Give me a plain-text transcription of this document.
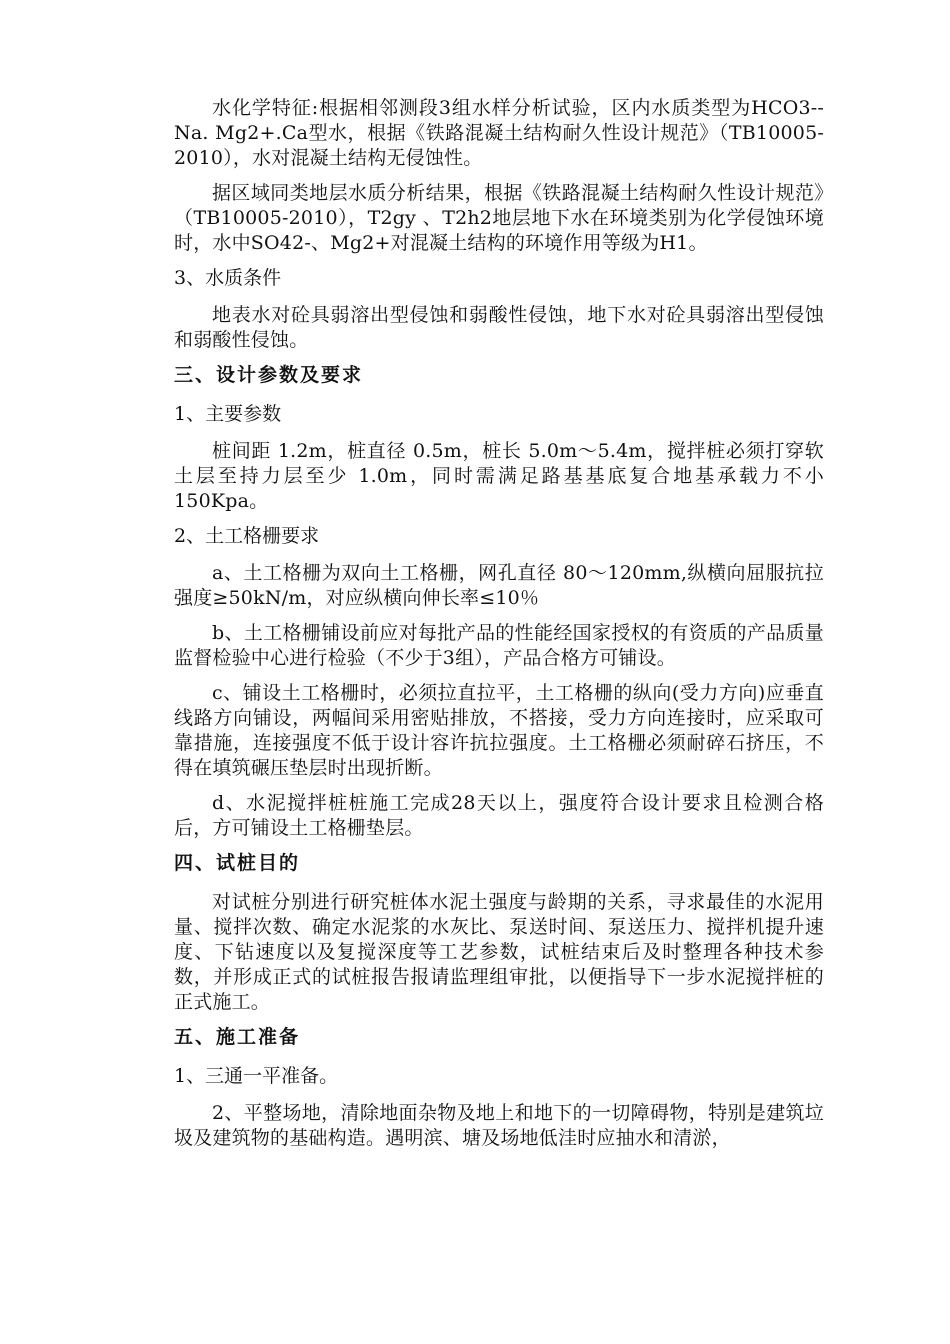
水化学特征:根据相邻测段3组水样分析试验，区内水质类型为HCO3--Na. Mg2+.Ca型水，根据《铁路混凝土结构耐久性设计规范》（TB10005-2010），水对混凝土结构无侵蚀性。

据区域同类地层水质分析结果，根据《铁路混凝土结构耐久性设计规范》（TB10005-2010），T2gy 、T2h2地层地下水在环境类别为化学侵蚀环境时，水中SO42-、Mg2+对混凝土结构的环境作用等级为H1。

3、水质条件

地表水对砼具弱溶出型侵蚀和弱酸性侵蚀，地下水对砼具弱溶出型侵蚀和弱酸性侵蚀。

三、设计参数及要求

1、主要参数

桩间距 1.2m，桩直径 0.5m，桩长 5.0m～5.4m，搅拌桩必须打穿软土层至持力层至少 1.0m，同时需满足路基基底复合地基承载力不小150Kpa。

2、土工格栅要求

a、土工格栅为双向土工格栅，网孔直径 80～120mm,纵横向屈服抗拉强度≥50kN/m，对应纵横向伸长率≤10％

b、土工格栅铺设前应对每批产品的性能经国家授权的有资质的产品质量监督检验中心进行检验（不少于3组），产品合格方可铺设。

c、铺设土工格栅时，必须拉直拉平，土工格栅的纵向(受力方向)应垂直线路方向铺设，两幅间采用密贴排放，不搭接，受力方向连接时，应采取可靠措施，连接强度不低于设计容许抗拉强度。土工格栅必须耐碎石挤压，不得在填筑碾压垫层时出现折断。

d、水泥搅拌桩桩施工完成28天以上，强度符合设计要求且检测合格后，方可铺设土工格栅垫层。

四、试桩目的

对试桩分别进行研究桩体水泥土强度与龄期的关系，寻求最佳的水泥用量、搅拌次数、确定水泥浆的水灰比、泵送时间、泵送压力、搅拌机提升速度、下钻速度以及复搅深度等工艺参数，试桩结束后及时整理各种技术参数，并形成正式的试桩报告报请监理组审批，以便指导下一步水泥搅拌桩的正式施工。

五、施工准备

1、三通一平准备。

2、平整场地，清除地面杂物及地上和地下的一切障碍物，特别是建筑垃圾及建筑物的基础构造。遇明滨、塘及场地低洼时应抽水和清淤，
